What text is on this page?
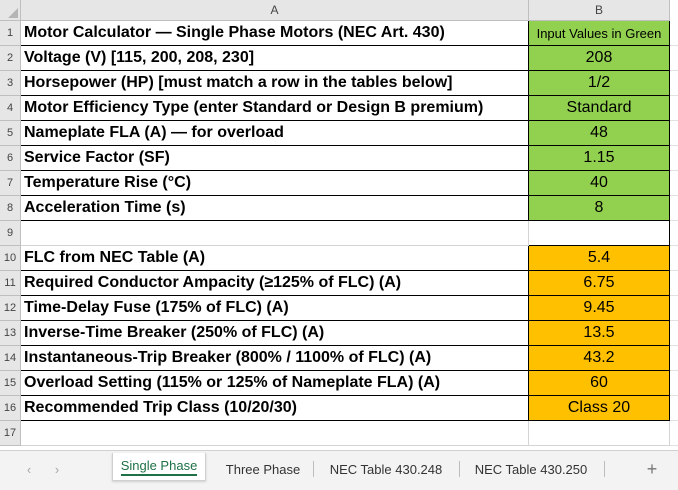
A	B
1 Motor Calculator — Single Phase Motors (NEC Art. 430)	Input Values in Green
2 Voltage (V) [115, 200, 208, 230]	208
3 Horsepower (HP) [must match a row in the tables below]	1/2
4 Motor Efficiency Type (enter Standard or Design B premium)	Standard
5 Nameplate FLA (A) — for overload	48
6 Service Factor (SF)	1.15
7 Temperature Rise (°C)	40
8 Acceleration Time (s)	8
9
10 FLC from NEC Table (A)	5.4
11 Required Conductor Ampacity (≥125% of FLC) (A)	6.75
12 Time-Delay Fuse (175% of FLC) (A)	9.45
13 Inverse-Time Breaker (250% of FLC) (A)	13.5
14 Instantaneous-Trip Breaker (800% / 1100% of FLC) (A)	43.2
15 Overload Setting (115% or 125% of Nameplate FLA) (A)	60
16 Recommended Trip Class (10/20/30)	Class 20
17
‹	›	Single Phase Three Phase NEC Table 430.248 NEC Table 430.250	+
